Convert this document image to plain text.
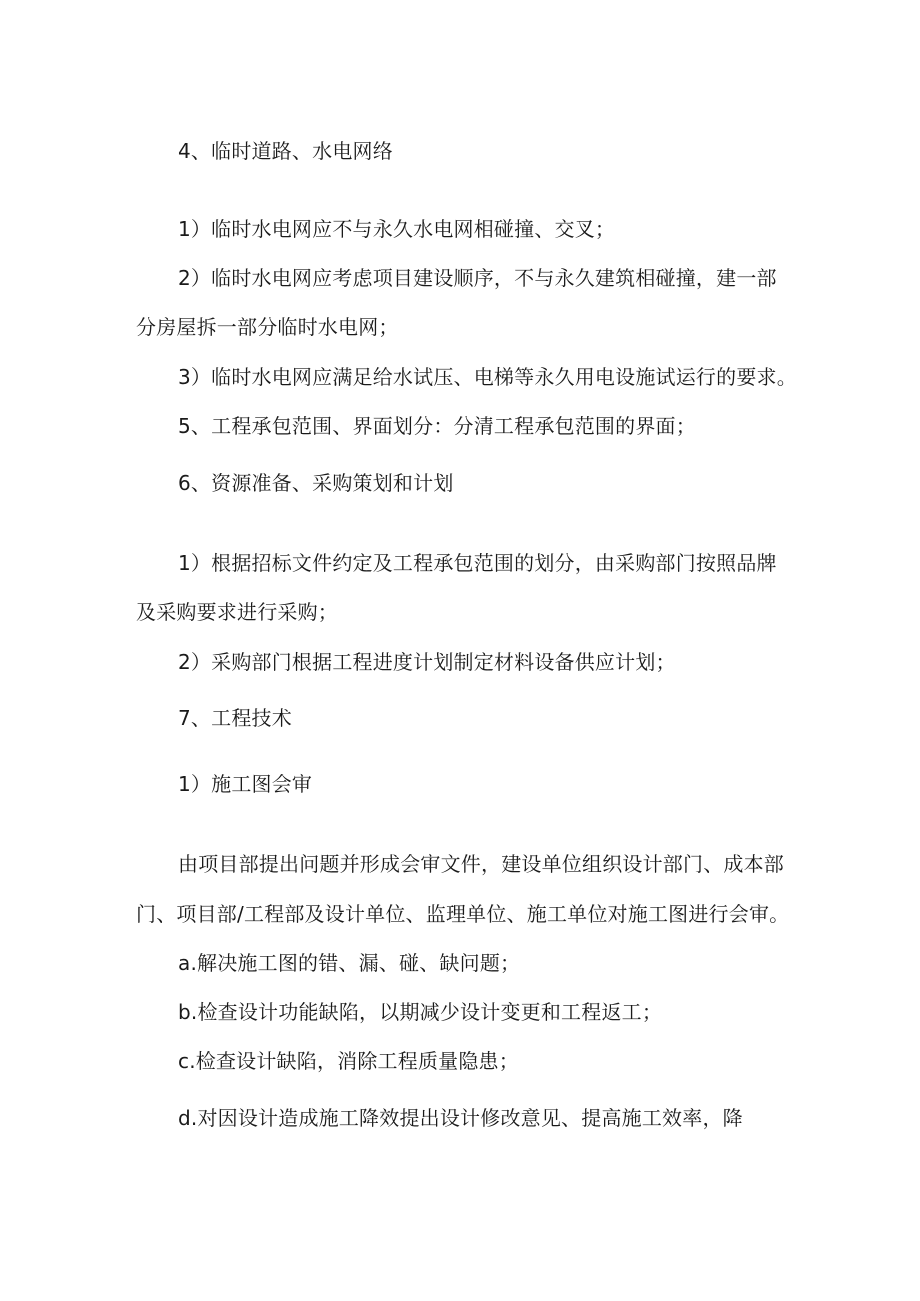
4、临时道路、水电网络
1）临时水电网应不与永久水电网相碰撞、交叉；
2）临时水电网应考虑项目建设顺序，不与永久建筑相碰撞，建一部
分房屋拆一部分临时水电网；
3）临时水电网应满足给水试压、电梯等永久用电设施试运行的要求。
5、工程承包范围、界面划分：分清工程承包范围的界面；
6、资源准备、采购策划和计划
1）根据招标文件约定及工程承包范围的划分，由采购部门按照品牌
及采购要求进行采购；
2）采购部门根据工程进度计划制定材料设备供应计划；
7、工程技术
1）施工图会审
由项目部提出问题并形成会审文件，建设单位组织设计部门、成本部
门、项目部/工程部及设计单位、监理单位、施工单位对施工图进行会审。
a.解决施工图的错、漏、碰、缺问题；
b.检查设计功能缺陷，以期减少设计变更和工程返工；
c.检查设计缺陷，消除工程质量隐患；
d.对因设计造成施工降效提出设计修改意见、提高施工效率，降
